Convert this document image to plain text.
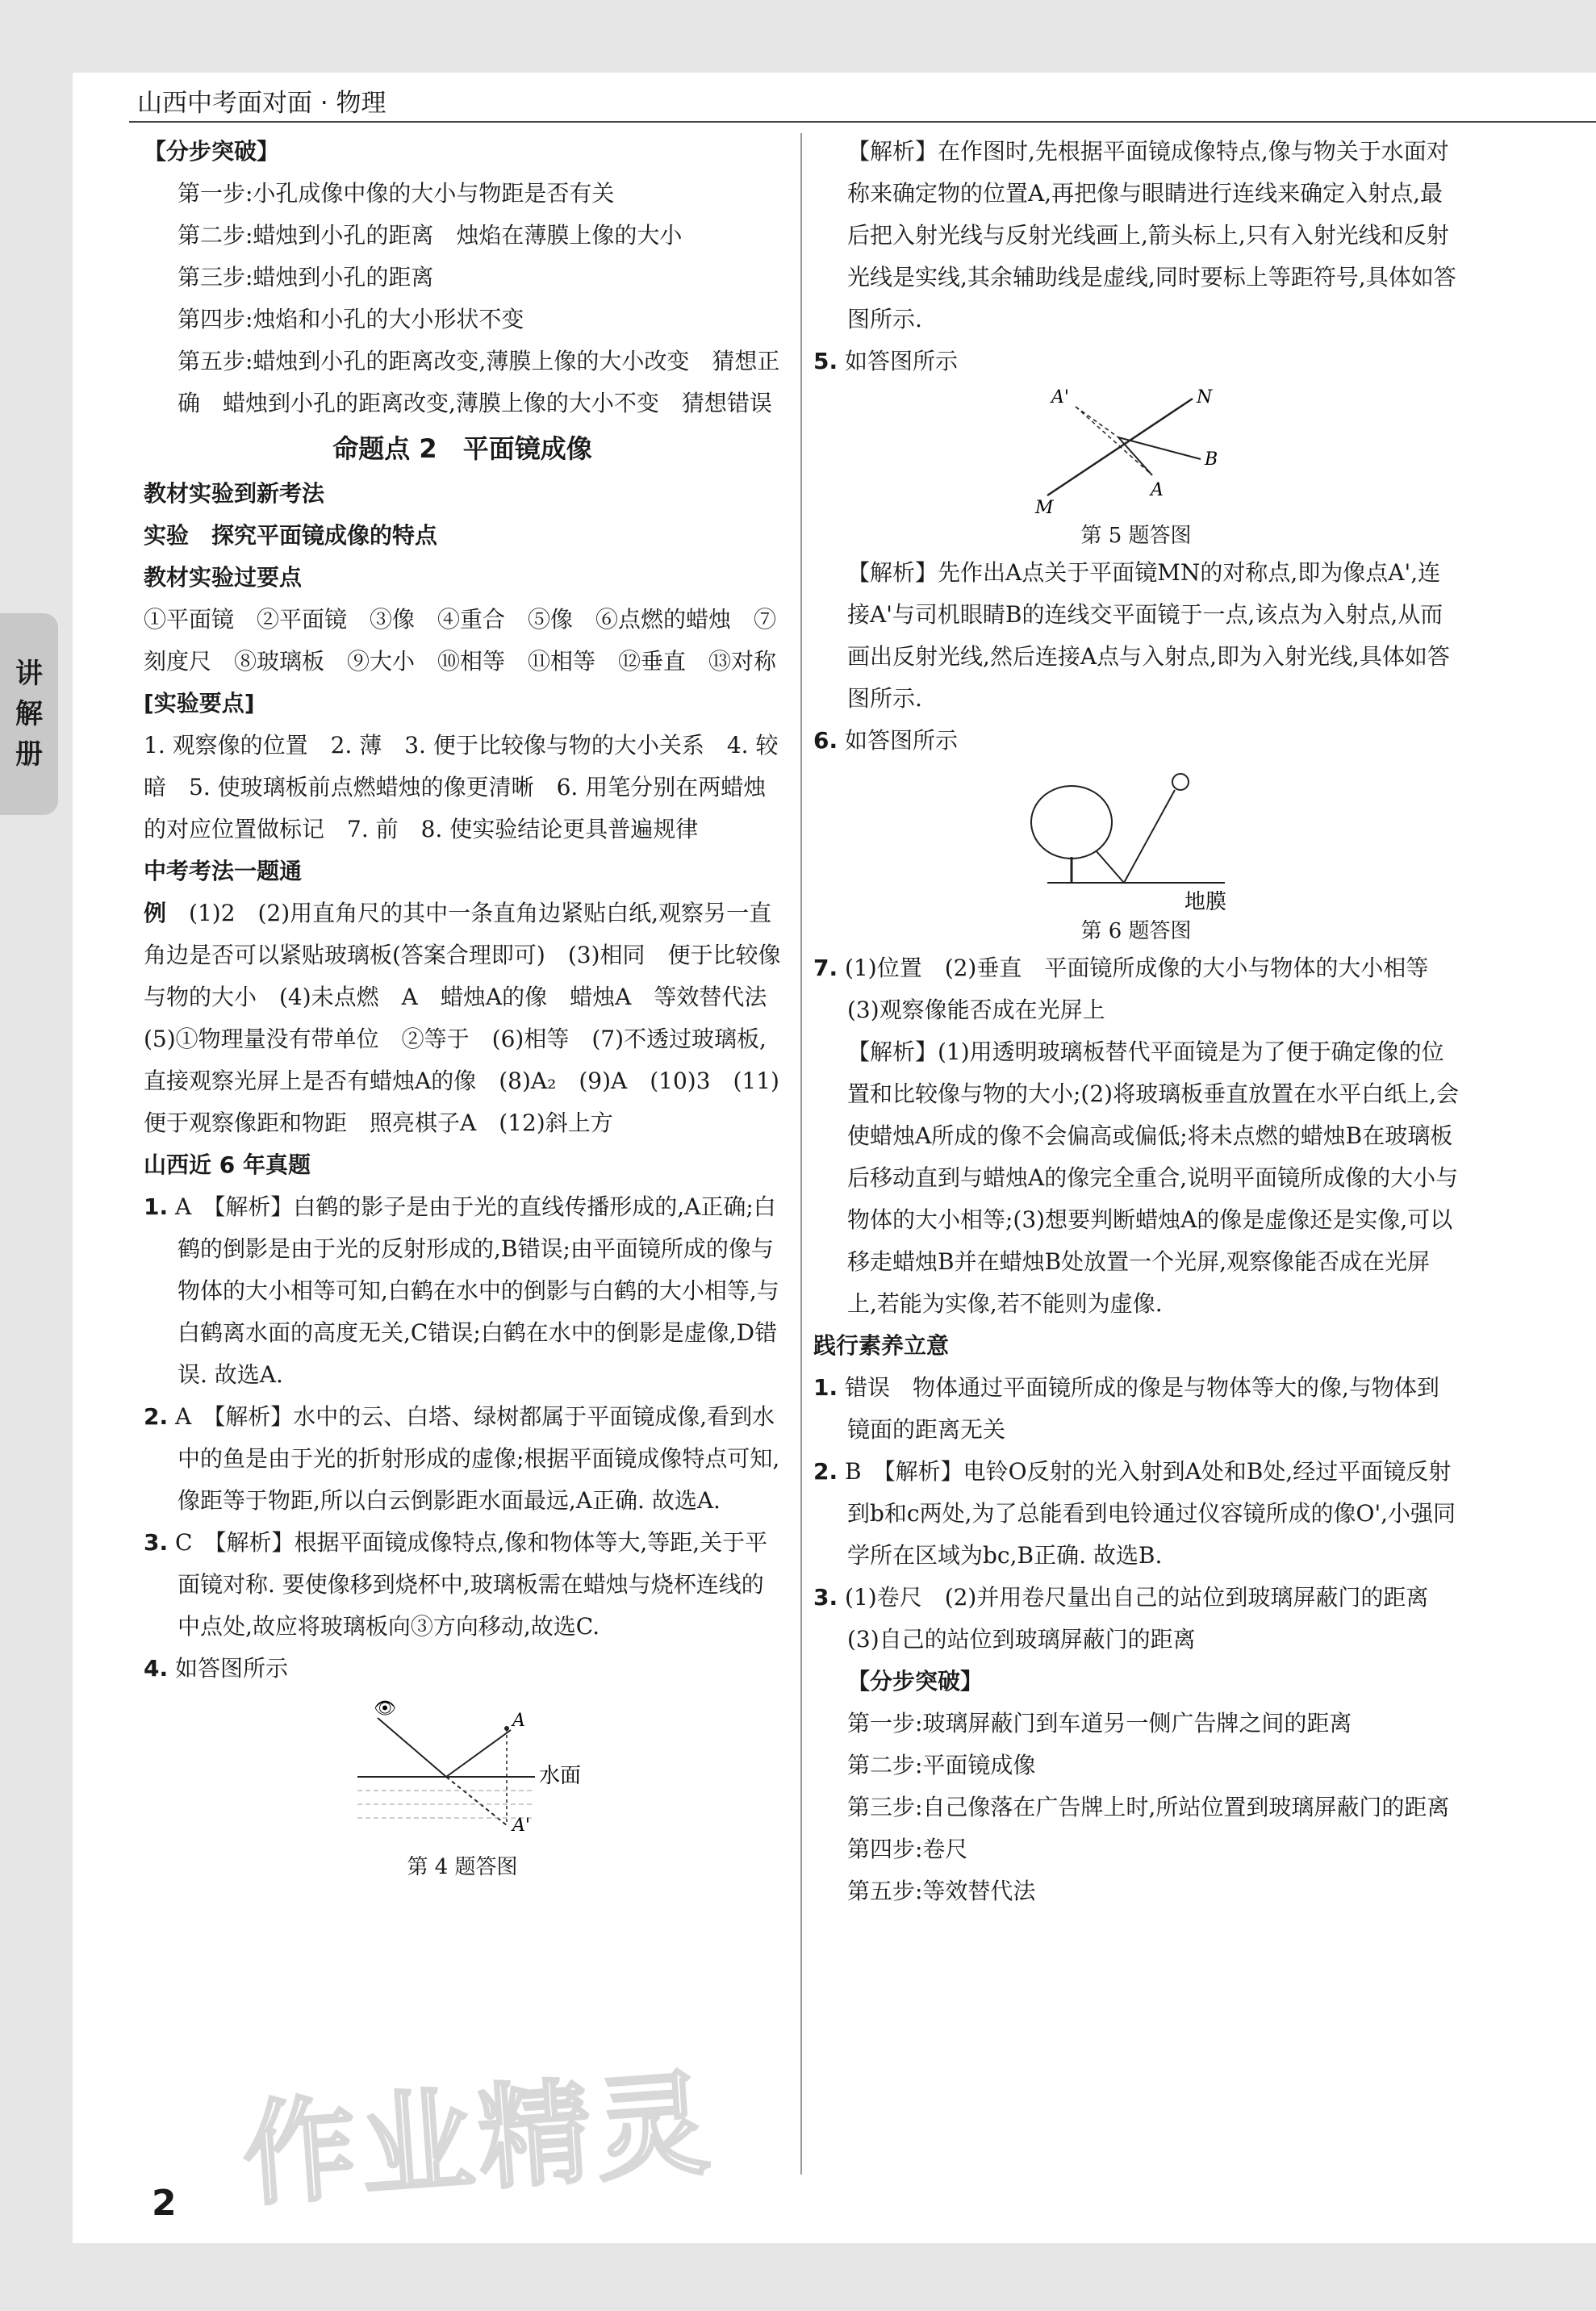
山西中考面对面 · 物理
讲
解
册

【分步突破】

第一步:小孔成像中像的大小与物距是否有关

第二步:蜡烛到小孔的距离　烛焰在薄膜上像的大小

第三步:蜡烛到小孔的距离

第四步:烛焰和小孔的大小形状不变

第五步:蜡烛到小孔的距离改变,薄膜上像的大小改变　猜想正确　蜡烛到小孔的距离改变,薄膜上像的大小不变　猜想错误

命题点 2　平面镜成像

教材实验到新考法

实验　探究平面镜成像的特点

教材实验过要点

①平面镜　②平面镜　③像　④重合　⑤像　⑥点燃的蜡烛　⑦刻度尺　⑧玻璃板　⑨大小　⑩相等　⑪相等　⑫垂直　⑬对称

[实验要点]

1. 观察像的位置　2. 薄　3. 便于比较像与物的大小关系　4. 较暗　5. 使玻璃板前点燃蜡烛的像更清晰　6. 用笔分别在两蜡烛的对应位置做标记　7. 前　8. 使实验结论更具普遍规律

中考考法一题通

例　 (1)2　(2)用直角尺的其中一条直角边紧贴白纸,观察另一直角边是否可以紧贴玻璃板(答案合理即可)　(3)相同　便于比较像与物的大小　(4)未点燃　A　蜡烛A的像　蜡烛A　等效替代法　(5)①物理量没有带单位　②等于　(6)相等　(7)不透过玻璃板,直接观察光屏上是否有蜡烛A的像　(8)A₂　(9)A　(10)3　(11)便于观察像距和物距　照亮棋子A　(12)斜上方

山西近 6 年真题

1. A　【解析】白鹤的影子是由于光的直线传播形成的,A正确;白鹤的倒影是由于光的反射形成的,B错误;由平面镜所成的像与物体的大小相等可知,白鹤在水中的倒影与白鹤的大小相等,与白鹤离水面的高度无关,C错误;白鹤在水中的倒影是虚像,D错误. 故选A.

2. A　【解析】水中的云、白塔、绿树都属于平面镜成像,看到水中的鱼是由于光的折射形成的虚像;根据平面镜成像特点可知,像距等于物距,所以白云倒影距水面最远,A正确. 故选A.

3. C　【解析】根据平面镜成像特点,像和物体等大,等距,关于平面镜对称. 要使像移到烧杯中,玻璃板需在蜡烛与烧杯连线的中点处,故应将玻璃板向③方向移动,故选C.

4. 如答图所示

👁
A
A'
水面
第 4 题答图

【解析】在作图时,先根据平面镜成像特点,像与物关于水面对称来确定物的位置A,再把像与眼睛进行连线来确定入射点,最后把入射光线与反射光线画上,箭头标上,只有入射光线和反射光线是实线,其余辅助线是虚线,同时要标上等距符号,具体如答图所示.

5. 如答图所示

A'	N
B
A
M
第 5 题答图

【解析】先作出A点关于平面镜MN的对称点,即为像点A',连接A'与司机眼睛B的连线交平面镜于一点,该点为入射点,从而画出反射光线,然后连接A点与入射点,即为入射光线,具体如答图所示.

6. 如答图所示

地膜
第 6 题答图

7. (1)位置　(2)垂直　平面镜所成像的大小与物体的大小相等　(3)观察像能否成在光屏上

【解析】(1)用透明玻璃板替代平面镜是为了便于确定像的位置和比较像与物的大小;(2)将玻璃板垂直放置在水平白纸上,会使蜡烛A所成的像不会偏高或偏低;将未点燃的蜡烛B在玻璃板后移动直到与蜡烛A的像完全重合,说明平面镜所成像的大小与物体的大小相等;(3)想要判断蜡烛A的像是虚像还是实像,可以移走蜡烛B并在蜡烛B处放置一个光屏,观察像能否成在光屏上,若能为实像,若不能则为虚像.

践行素养立意

1. 错误　物体通过平面镜所成的像是与物体等大的像,与物体到镜面的距离无关

2. B　【解析】电铃O反射的光入射到A处和B处,经过平面镜反射到b和c两处,为了总能看到电铃通过仪容镜所成的像O',小强同学所在区域为bc,B正确. 故选B.

3. (1)卷尺　(2)并用卷尺量出自己的站位到玻璃屏蔽门的距离　(3)自己的站位到玻璃屏蔽门的距离

【分步突破】

第一步:玻璃屏蔽门到车道另一侧广告牌之间的距离

第二步:平面镜成像

第三步:自己像落在广告牌上时,所站位置到玻璃屏蔽门的距离

第四步:卷尺

第五步:等效替代法

作业精灵
2
